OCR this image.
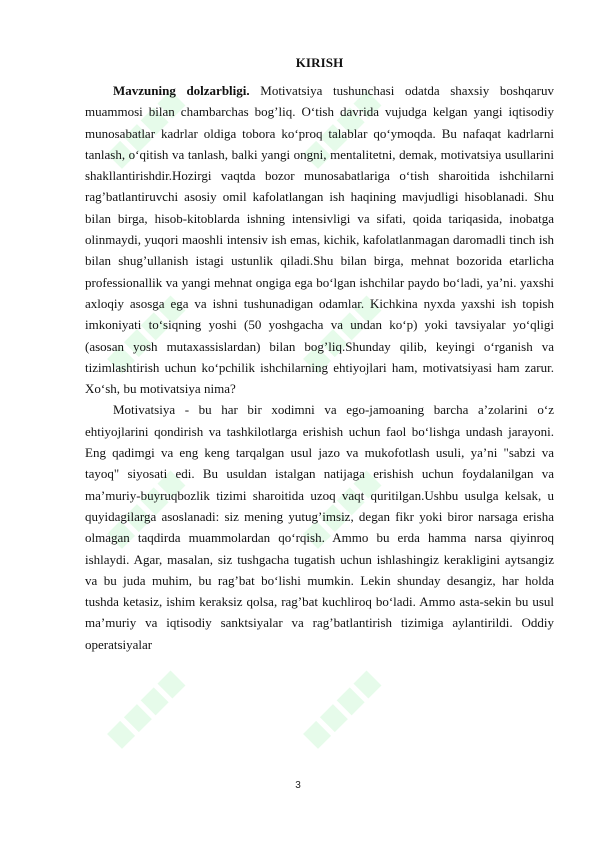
KIRISH

Mavzuning dolzarbligi. Motivatsiya tushunchasi odatda shaxsiy boshqaruv muammosi bilan chambarchas bog’liq. O‘tish davrida vujudga kelgan yangi iqtisodiy munosabatlar kadrlar oldiga tobora ko‘proq talablar qo‘ymoqda. Bu nafaqat kadrlarni tanlash, o‘qitish va tanlash, balki yangi ongni, mentalitetni, demak, motivatsiya usullarini shakllantirishdir.Hozirgi vaqtda bozor munosabatlariga o‘tish sharoitida ishchilarni rag’batlantiruvchi asosiy omil kafolatlangan ish haqining mavjudligi hisoblanadi. Shu bilan birga, hisob-kitoblarda ishning intensivligi va sifati, qoida tariqasida, inobatga olinmaydi, yuqori maoshli intensiv ish emas, kichik, kafolatlanmagan daromadli tinch ish bilan shug’ullanish istagi ustunlik qiladi.Shu bilan birga, mehnat bozorida etarlicha professionallik va yangi mehnat ongiga ega bo‘lgan ishchilar paydo bo‘ladi, ya’ni. yaxshi axloqiy asosga ega va ishni tushunadigan odamlar. Kichkina nyxda yaxshi ish topish imkoniyati to‘siqning yoshi (50 yoshgacha va undan ko‘p) yoki tavsiyalar yo‘qligi (asosan yosh mutaxassislardan) bilan bog’liq.Shunday qilib, keyingi o‘rganish va tizimlashtirish uchun ko‘pchilik ishchilarning ehtiyojlari ham, motivatsiyasi ham zarur. Xo‘sh, bu motivatsiya nima?

Motivatsiya - bu har bir xodimni va ego-jamoaning barcha a’zolarini o‘z ehtiyojlarini qondirish va tashkilotlarga erishish uchun faol bo‘lishga undash jarayoni. Eng qadimgi va eng keng tarqalgan usul jazo va mukofotlash usuli, ya’ni "sabzi va tayoq" siyosati edi. Bu usuldan istalgan natijaga erishish uchun foydalanilgan va ma’muriy-buyruqbozlik tizimi sharoitida uzoq vaqt quritilgan.Ushbu usulga kelsak, u quyidagilarga asoslanadi: siz mening yutug’imsiz, degan fikr yoki biror narsaga erisha olmagan taqdirda muammolardan qo‘rqish. Ammo bu erda hamma narsa qiyinroq ishlaydi. Agar, masalan, siz tushgacha tugatish uchun ishlashingiz kerakligini aytsangiz va bu juda muhim, bu rag’bat bo‘lishi mumkin. Lekin shunday desangiz, har holda tushda ketasiz, ishim keraksiz qolsa, rag’bat kuchliroq bo‘ladi. Ammo asta-sekin bu usul ma’muriy va iqtisodiy sanktsiyalar va rag’batlantirish tizimiga aylantirildi. Oddiy operatsiyalar

3
